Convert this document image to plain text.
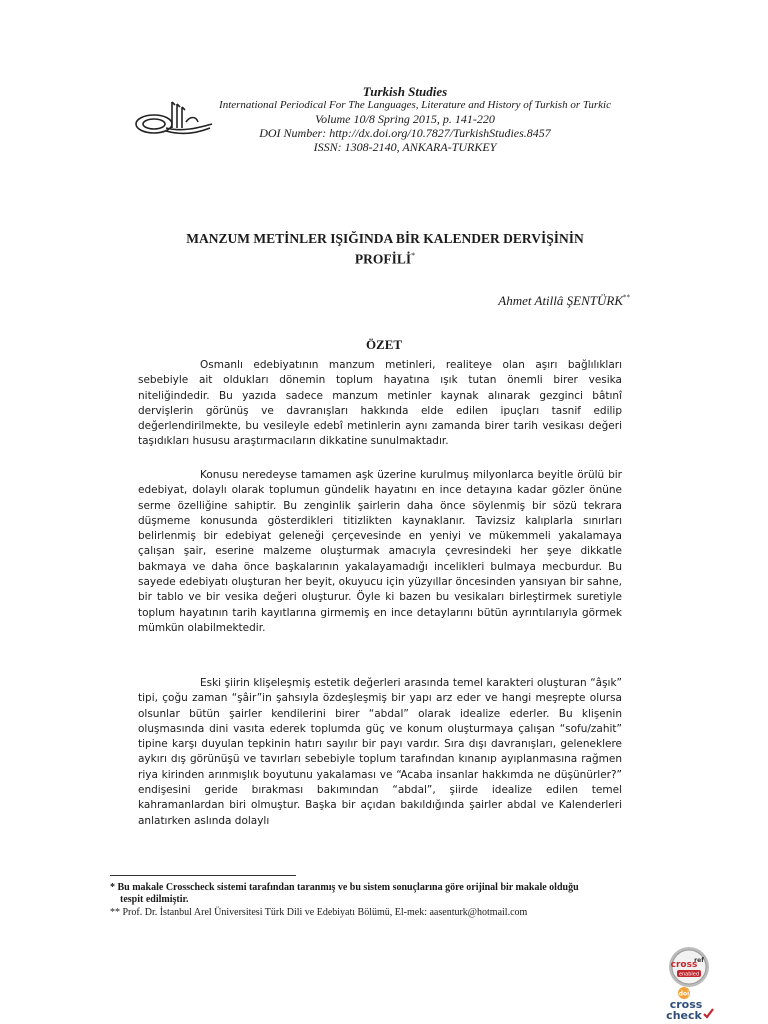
Turkish Studies
International Periodical For The Languages, Literature and History of Turkish or Turkic
Volume 10/8 Spring 2015, p. 141-220
DOI Number: http://dx.doi.org/10.7827/TurkishStudies.8457
ISSN: 1308-2140, ANKARA-TURKEY
MANZUM METİNLER IŞIĞINDA BİR KALENDER DERVİŞİNİN
PROFİLİ*
Ahmet Atillâ ŞENTÜRK**
ÖZET

Osmanlı edebiyatının manzum metinleri, realiteye olan aşırı bağlılıkları sebebiyle ait oldukları dönemin toplum hayatına ışık tutan önemli birer vesika niteliğindedir. Bu yazıda sadece manzum metinler kaynak alınarak gezginci bâtınî dervişlerin görünüş ve davranışları hakkında elde edilen ipuçları tasnif edilip değerlendirilmekte, bu vesileyle edebî metinlerin aynı zamanda birer tarih vesikası değeri taşıdıkları hususu araştırmacıların dikkatine sunulmaktadır.

Konusu neredeyse tamamen aşk üzerine kurulmuş milyonlarca beyitle örülü bir edebiyat, dolaylı olarak toplumun gündelik hayatını en ince detayına kadar gözler önüne serme özelliğine sahiptir. Bu zenginlik şairlerin daha önce söylenmiş bir sözü tekrara düşmeme konusunda gösterdikleri titizlikten kaynaklanır. Tavizsiz kalıplarla sınırları belirlenmiş bir edebiyat geleneği çerçevesinde en yeniyi ve mükemmeli yakalamaya çalışan şair, eserine malzeme oluşturmak amacıyla çevresindeki her şeye dikkatle bakmaya ve daha önce başkalarının yakalayamadığı incelikleri bulmaya mecburdur. Bu sayede edebiyatı oluşturan her beyit, okuyucu için yüzyıllar öncesinden yansıyan bir sahne, bir tablo ve bir vesika değeri oluşturur. Öyle ki bazen bu vesikaları birleştirmek suretiyle toplum hayatının tarih kayıtlarına girmemiş en ince detaylarını bütün ayrıntılarıyla görmek mümkün olabilmektedir.

Eski şiirin klişeleşmiş estetik değerleri arasında temel karakteri oluşturan “âşık” tipi, çoğu zaman “şâir”in şahsıyla özdeşleşmiş bir yapı arz eder ve hangi meşrepte olursa olsunlar bütün şairler kendilerini birer “abdal” olarak idealize ederler. Bu klişenin oluşmasında dini vasıta ederek toplumda güç ve konum oluşturmaya çalışan “sofu/zahit” tipine karşı duyulan tepkinin hatırı sayılır bir payı vardır. Sıra dışı davranışları, geleneklere aykırı dış görünüşü ve tavırları sebebiyle toplum tarafından kınanıp ayıplanmasına rağmen riya kirinden arınmışlık boyutunu yakalaması ve “Acaba insanlar hakkımda ne düşünürler?” endişesini geride bırakması bakımından “abdal”, şiirde idealize edilen temel kahramanlardan biri olmuştur. Başka bir açıdan bakıldığında şairler abdal ve Kalenderleri anlatırken aslında dolaylı

* Bu makale Crosscheck sistemi tarafından taranmış ve bu sistem sonuçlarına göre orijinal bir makale olduğu
tespit edilmiştir.
** Prof. Dr. İstanbul Arel Üniversitesi Türk Dili ve Edebiyatı Bölümü, El-mek: aasenturk@hotmail.com
cross
ref
enabled
doi
cross
check
